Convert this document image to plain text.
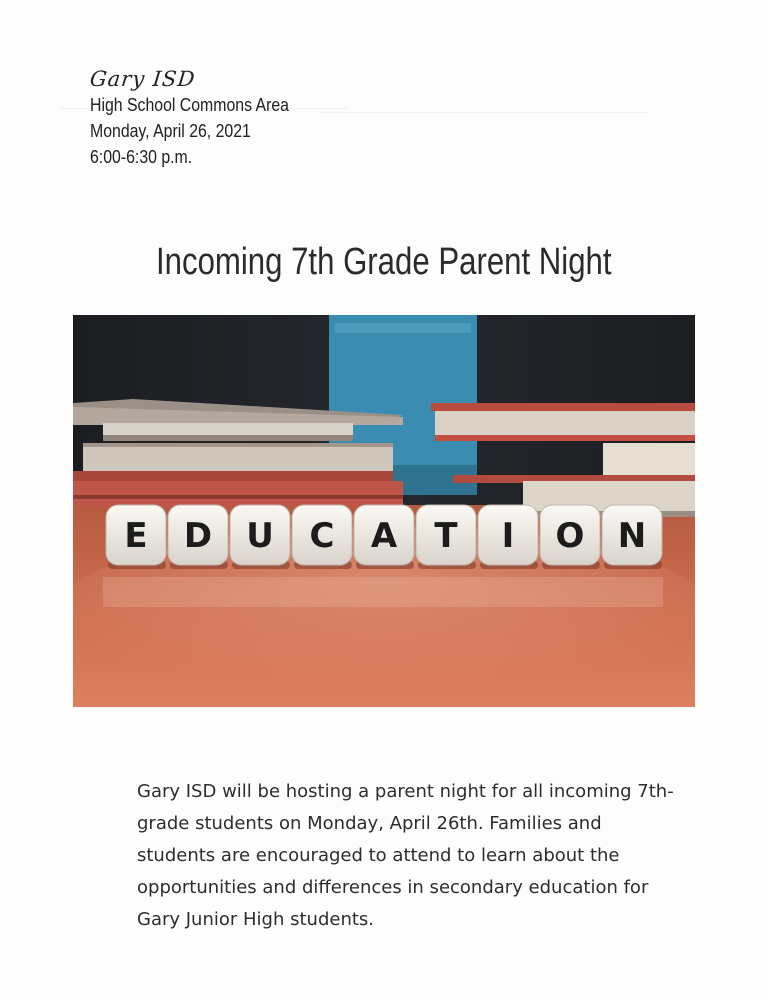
Gary ISD
High School Commons Area
Monday, April 26, 2021
6:00-6:30 p.m.
Incoming 7th Grade Parent Night
E D U C A T I O N
Gary ISD will be hosting a parent night for all incoming 7th-grade students on Monday, April 26th. Families and students are encouraged to attend to learn about the opportunities and differences in secondary education for Gary Junior High students.
